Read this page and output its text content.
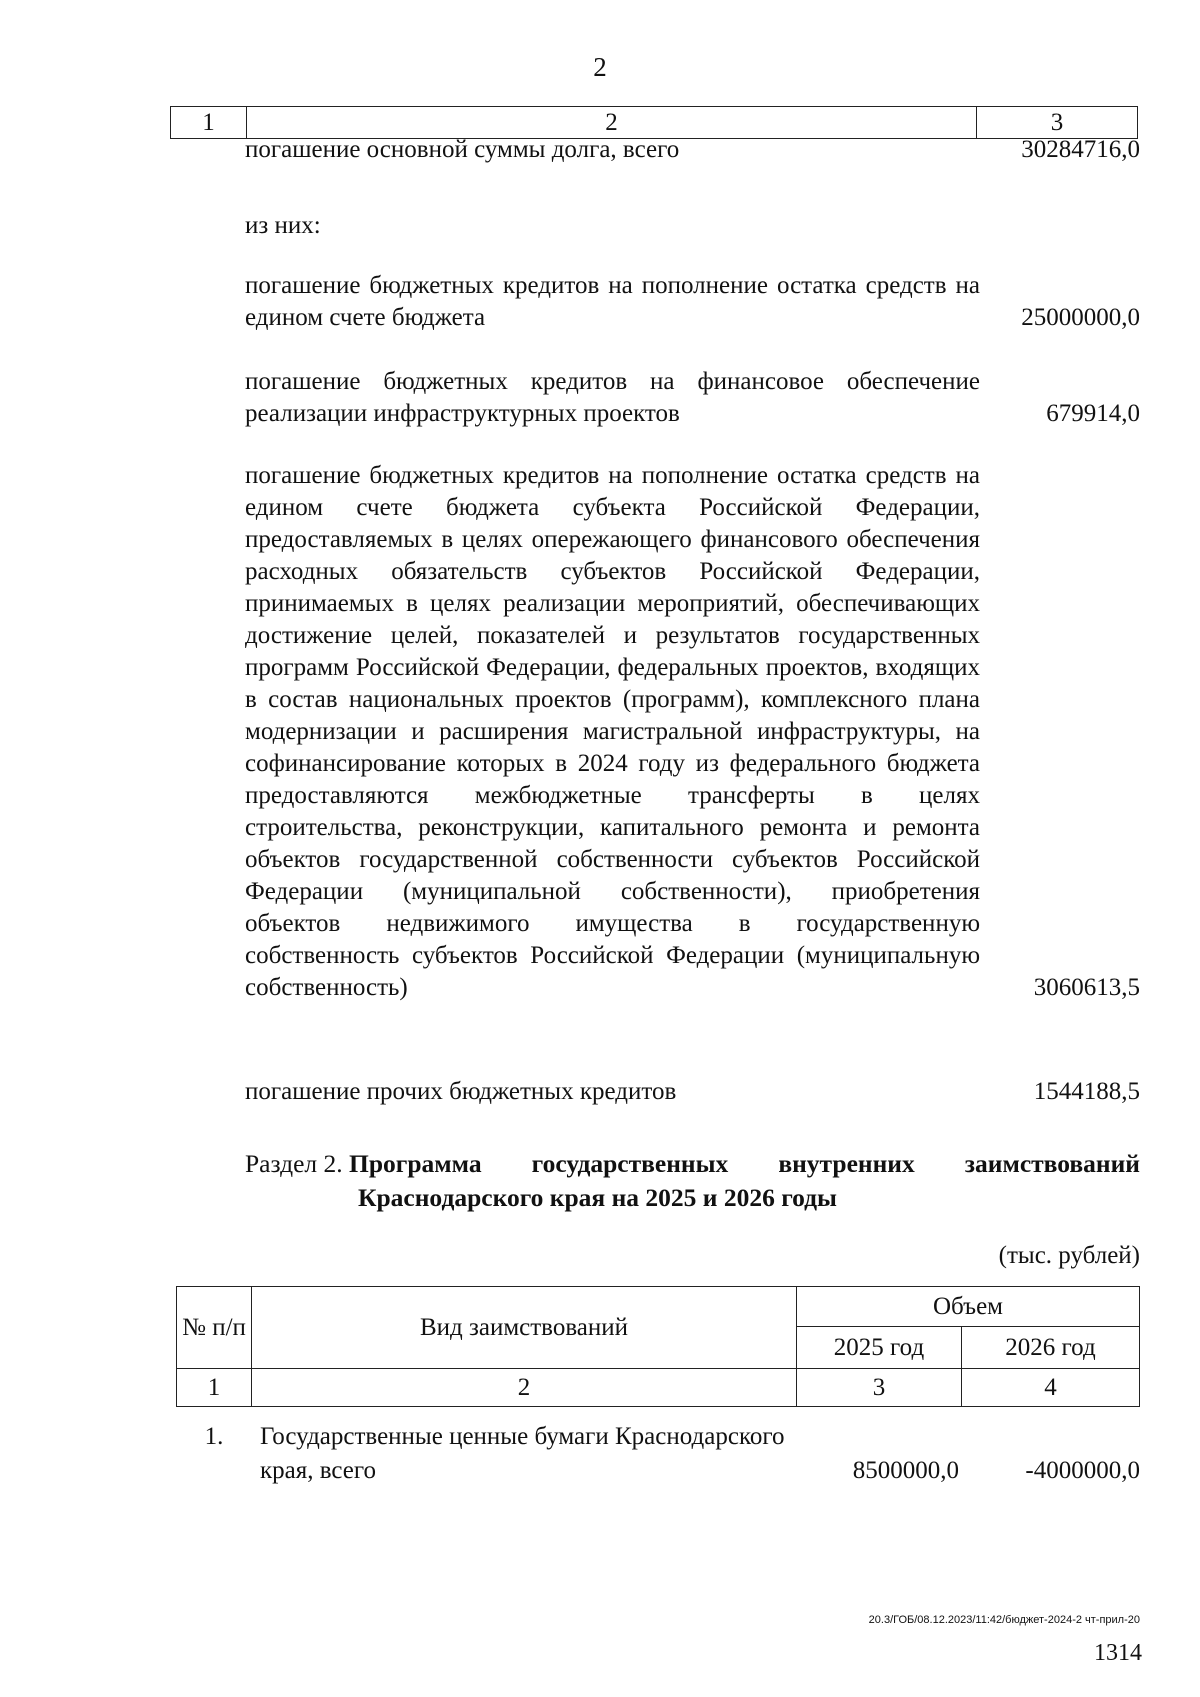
2
1	2	3
погашение основной суммы долга, всего	30284716,0
из них:
погашение бюджетных кредитов на пополнение остатка средств на едином счете бюджета	25000000,0
погашение бюджетных кредитов на финансовое обеспечение реализации инфраструктурных проектов	679914,0
погашение бюджетных кредитов на пополнение остатка средств на едином счете бюджета субъекта Российской Федерации, предоставляемых в целях опережающего финансового обеспечения расходных обязательств субъектов Российской Федерации, принимаемых в целях реализации мероприятий, обеспечивающих достижение целей, показателей и результатов государственных программ Российской Федерации, федеральных проектов, входящих в состав национальных проектов (программ), комплексного плана модернизации и расширения магистральной инфраструктуры, на софинансирование которых в 2024 году из федерального бюджета предоставляются межбюджетные трансферты в целях строительства, реконструкции, капитального ремонта и ремонта объектов государственной собственности субъектов Российской Федерации (муниципальной собственности), приобретения объектов недвижимого имущества в государственную собственность субъектов Российской Федерации (муниципальную собственность)	3060613,5
погашение прочих бюджетных кредитов	1544188,5
Раздел 2. Программа государственных внутренних заимствований
Краснодарского края на 2025 и 2026 годы
(тыс. рублей)
№ п/п	Вид заимствований	Объем	
		2025 год	2026 год
1	2	3	4
1.	Государственные ценные бумаги Краснодарского края, всего	8500000,0	-4000000,0
20.3/ГОБ/08.12.2023/11:42/бюджет-2024-2 чт-прил-20
1314
